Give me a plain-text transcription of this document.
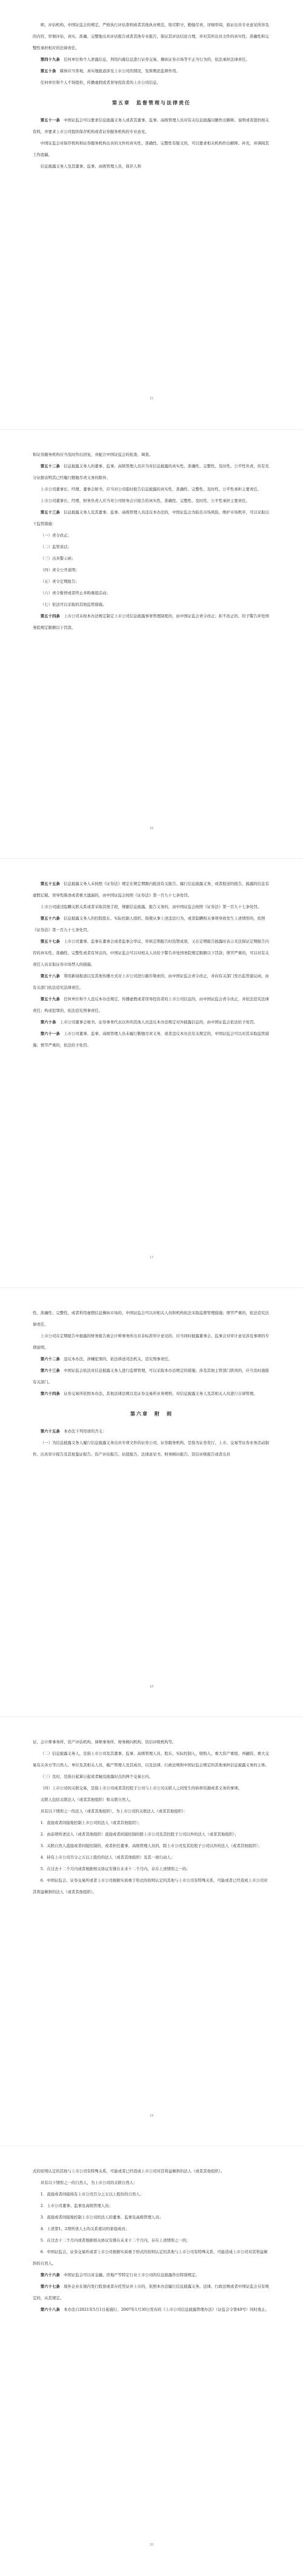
师、评估机构、中国证监会的规定，严格执行评估准则或者其他执业规范，恪尽职守，勤勉尽责，详细审阅、验证出具专业意见所涉及的内容，审慎评估，真实、准确、完整地出具评估报告或者其他专业报告，保证其评估结论合理，并对其所出具文件的真实性、准确性和完整性承担相应的法律责任。

第四十九条　 任何单位和个人泄露信息、利用内幕信息进行证券交易、操纵证券市场等不正当行为的，依法承担法律责任。

第五十条　 媒体应当客观、真实地报道涉及上市公司的情况，发挥舆论监督作用。

任何单位和个人不得提供、传播虚假或者误导投资者的上市公司信息。

第五章　监督管理与法律责任

第五十一条　 中国证监会可以要求信息披露义务人或者其董事、监事、高级管理人员对有关信息披露问题作出解释、说明或者提供相关资料，并要求上市公司提供保荐机构或者证券服务机构的专业意见。

中国证监会对保荐机构和证券服务机构出具的文件的真实性、准确性、完整性有疑义的，可以要求相关机构作出解释、补充，并调阅其工作底稿。

信息披露义务人及其董事、监事、高级管理人员，保荐人和

15

和证券服务机构应当及时作出回复，并配合中国证监会的检查、调查。

第五十二条　 信息披露义务人的董事、监事、高级管理人员应当对信息披露的真实性、准确性、完整性、及时性、公平性负责，但有充分证据表明其已经履行勤勉尽责义务的除外。

上市公司董事长、经理、董事会秘书，应当对公司临时报告信息披露的真实性、准确性、完整性、及时性、公平性承担主要责任。

上市公司董事长、经理、财务负责人应当对公司财务会计报告的真实性、准确性、完整性、及时性、公平性承担主要责任。

第五十三条　 信息披露义务人及其董事、监事、高级管理人员违反本办法的，中国证监会为防范市场风险，维护市场秩序，可以采取以下监管措施：

（一）责令改正；

（二）监管谈话；

（三）出具警示函；

（四）责令公开说明；

（五）责令定期报告；

（六）责令暂停或者终止并购重组活动；

（七）依法可以采取的其他监管措施。

第五十四条　 上市公司未按本办法规定制定上市公司信息披露事务管理制度的，由中国证监会责令改正；拒不改正的，给予警告并处国务院规定限额以下罚款。

16

第五十五条　 信息披露义务人未按照《证券法》规定在规定期限内报送有关报告、履行信息披露义务，或者报送的报告、披露的信息有虚假记载、误导性陈述或者重大遗漏的，由中国证监会按照《证券法》第一百九十七条处罚。

上市公司通过隐瞒关联关系或者采取其他手段，规避信息披露、报告义务的，由中国证监会按照《证券法》第一百九十七条处罚。

第五十六条　 信息披露义务人的控股股东、实际控制人组织、指使从事上述违法行为，或者隐瞒相关事项导致发生上述情形的，依照《证券法》第一百九十七条处罚。

第五十七条　 上市公司董事、监事在董事会或者监事会审议、审核定期报告时投赞成票，又在定期报告披露时表示无法保证定期报告内容的真实性、准确性、完整性或者有异议的，中国证监会可以对相关人员给予警告并处国务院规定限额以下罚款；情节严重的，可以对有关责任人员采取证券市场禁入的措施。

第五十八条　 利用新闻报道以及其他传播方式对上市公司进行敲诈勒索的，由中国证监会责令改正，并向有关部门发出监管建议函，由有关部门依法追究法律责任。

第五十九条　 任何单位和个人违反本办法规定，传播虚假或者误导投资者的上市公司信息的，由中国证监会责令改正，并依法追究法律责任；构成犯罪的，依法追究刑事责任。

第六十条　 上市公司董事会秘书、证券事务代表以外的其他人员违反本办法规定对外披露信息的，由中国证监会依法给予处罚。

第六十一条　 上市公司董事、监事、高级管理人员未履行勤勉尽责义务，或者违反本办法有关规定的，中国证监会可以对其采取监管措施；情节严重的，依法给予处罚。

17

性、准确性、完整性，或者利用虚假信息操纵市场的，中国证监会可以对相关人员和机构依法采取监督管理措施；情节严重的，依法追究法律责任。

上市公司在定期报告中披露的财务报告被会计师事务所出具非标准审计意见的，应当同时披露董事会、监事会对审计意见涉及事项的专项说明。

第六十二条　 违反本办法，涉嫌犯罪的，依法移送司法机关，追究刑事责任。

第六十三条　 中国证监会依法对信息披露义务人进行监督管理，可以采取本办法规定的措施；涉及其他主管部门职责的，应当及时通报有关部门。

第六十四条　 证券交易所依照本办法、其他法律法规以及证券交易所业务规则，对信息披露义务人及其相关人员进行自律管理。

第六章　附　则

第六十五条　 本办法下列用语的含义：

（一）为信息披露义务人履行信息披露义务出具专项文件的证券公司、证券服务机构，是指为证券发行、上市、交易等证券业务活动制作、出具审计报告及其他鉴证报告、资产评估报告、估值报告、法律意见书、财务顾问报告、资信评级报告或者出具

18

证、会计师事务所、资产评估机构、律师事务所、财务顾问机构、资信评级机构等。

（二）信息披露义务人，是指上市公司及其董事、监事、高级管理人员、股东、实际控制人，收购人，重大资产重组、再融资、重大交易有关各方等自然人、单位及其相关人员，破产管理人及其成员，以及法律、行政法规和中国证监会规定的其他承担信息披露义务的主体。

（三）及时，是指自起算日起或者触及披露时点的两个交易日内。

（四）上市公司的关联交易，是指上市公司或者其控股子公司与上市公司关联人之间发生的转移资源或者义务的事项。

关联人包括关联法人（或者其他组织）和关联自然人。

具有以下情形之一的法人（或者其他组织），为上市公司的关联法人（或者其他组织）：

1．直接或者间接地控制上市公司的法人（或者其他组织）；

2．由前项所述法人（或者其他组织）直接或者间接控制的除上市公司及其控股子公司以外的法人（或者其他组织）；

3．关联自然人直接或者间接控制的、或者担任董事、高级管理人员的，除上市公司及其控股子公司以外的法人（或者其他组织）；

4．持有上市公司百分之五以上股份的法人（或者其他组织）及其一致行动人；

5．在过去十二个月内或者根据相关协议安排在未来十二个月内，存在上述情形之一的；

6．中国证监会、证券交易所或者上市公司根据实质重于形式的原则认定的其他与上市公司有特殊关系，可能或者已经造成上市公司对其利益倾斜的法人（或者其他组织）。

19

式的原则认定的其他与上市公司有特殊关系，可能或者已经造成上市公司对其利益倾斜的法人（或者其他组织）。

具有以下情形之一的自然人，为上市公司的关联自然人：

1．直接或者间接持有上市公司百分之五以上股份的自然人；

2．上市公司董事、监事及高级管理人员；

3．直接或者间接地控制上市公司的法人的董事、监事及高级管理人员；

4．上述第1、2项所述人士的关系密切的家庭成员；

5．在过去十二个月内或者根据相关协议安排在未来十二个月内，存在上述情形之一的；

6．中国证监会、证券交易所或者上市公司根据实质重于形式的原则认定的其他与上市公司有特殊关系，可能造成上市公司对其利益倾斜的自然人。

第六十六条　 中国证监会可以对金融、房地产等特定行业上市公司的信息披露作出特别规定。

第六十七条　 境外企业在境内发行股票或者存托凭证并上市的，依照本办法履行信息披露义务。法律、行政法规或者中国证监会另有规定的，从其规定。

第六十八条　 本办法自2021年5月1日起施行。2007年1月30日发布的《上市公司信息披露管理办法》（证监会令第40号）同时废止。

20
